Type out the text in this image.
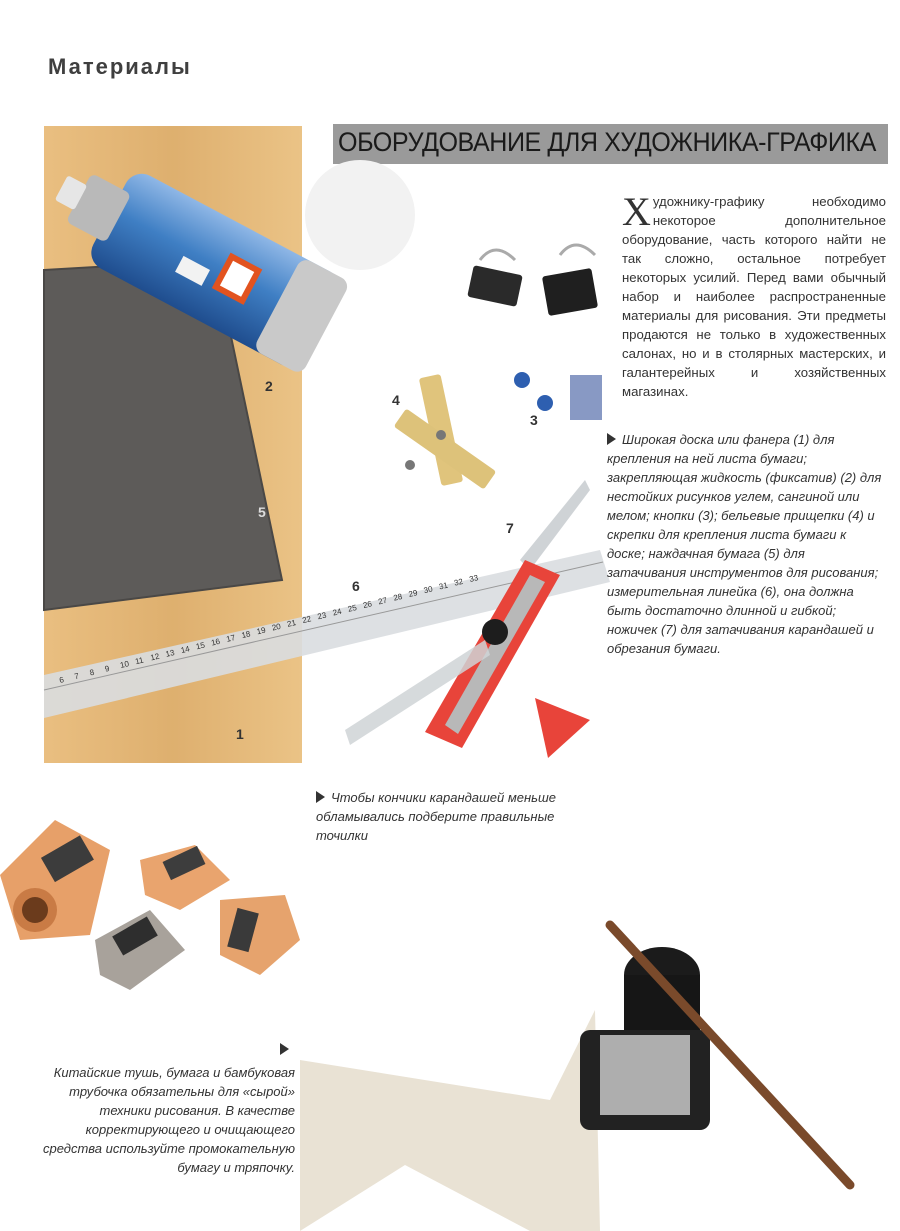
Материалы
ОБОРУДОВАНИЕ ДЛЯ ХУДОЖНИКА-ГРАФИКА
2
4
3
5
7
6
1
6 7 8 9 10 11 12 13 14 15 16 17 18 19 20 21 22 23 24 25 26 27 28 29 30 31 32 33
Художнику-графику необходимо некоторое дополнительное оборудование, часть которого найти не так сложно, остальное потребует некоторых усилий. Перед вами обычный набор и наиболее распространенные материалы для рисования. Эти предметы продаются не только в художественных салонах, но и в столярных мастерских, и галантерейных и хозяйственных магазинах.
Широкая доска или фанера (1) для крепления на ней листа бумаги; закрепляющая жидкость (фиксатив) (2) для нестойких рисунков углем, сангиной или мелом; кнопки (3); бельевые прищепки (4) и скрепки для крепления листа бумаги к доске; наждачная бумага (5) для затачивания инструментов для рисования; измерительная линейка (6), она должна быть достаточно длинной и гибкой; ножичек (7) для затачивания карандашей и обрезания бумаги.
Чтобы кончики карандашей меньше обламывались подберите правильные точилки
Китайские тушь, бумага и бамбуковая трубочка обязательны для «сырой» техники рисования. В качестве корректирующего и очищающего средства используйте промокательную бумагу и тряпочку.
